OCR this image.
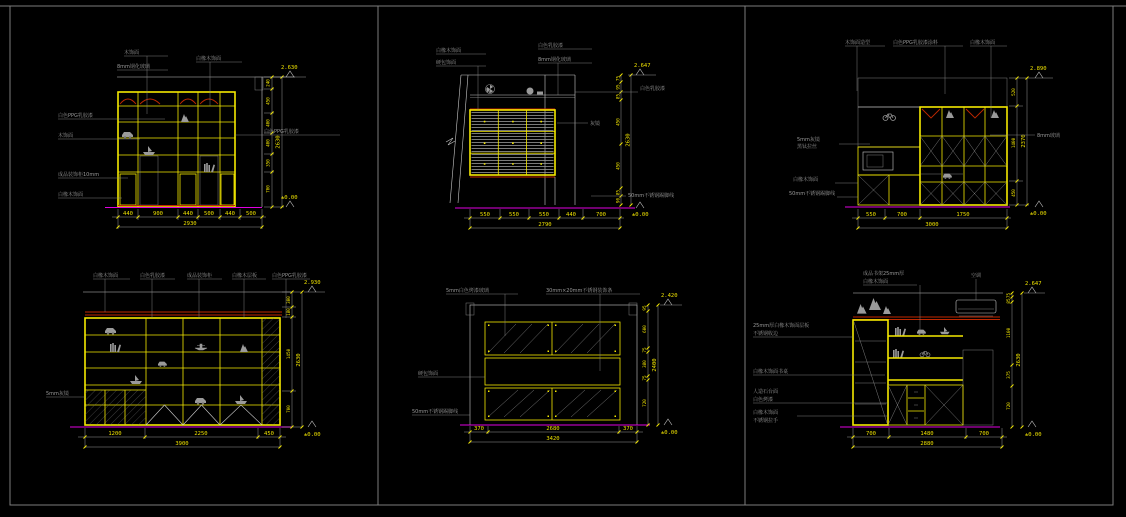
440	900	440 500 440 500
2930
240
450
400
400
350
700
2630
2.630
±0.00
白色PPG乳胶漆
木饰面
成品装饰柜10mm
白橡木饰面
木饰面
8mm钢化玻璃
白橡木饰面
白色PPG乳胶漆
550	550	550	440	700
2790
75
95
85
450
450
85
90
2630
2.647
±0.00
白橡木饰面
硬包饰面
白色乳胶漆
8mm钢化玻璃
白色乳胶漆
灰镜
50mm不锈钢踢脚线
550	700	1750
3000
520
1400
450
2370
2.890
±0.00
木饰面造型	白色PPG乳胶漆涂料	白橡木饰面
5mm灰镜
黑钛拉丝
白橡木饰面
50mm不锈钢踢脚线
8mm玻璃
1200	2250	450
3900
300
180
1450
700
2630
2.930
±0.00
白橡木饰面	白色乳胶漆	成品装饰柜	白橡木层板	白色PPG乳胶漆
5mm灰镜
370	2680	370
3420
95
600
75
380
75
720
2400
2.420
±0.00
5mm白色烤漆玻璃	30mm×20mm不锈钢装饰条
硬包饰面
50mm不锈钢踢脚线
700	1480	700
2880
75
85
1100
375
720
2630
2.647
±0.00
成品书架25mm厚
白橡木饰面
空调
25mm厚白橡木饰面层板
不锈钢收边
白橡木饰面书桌
人造石台面
白色烤漆
白橡木饰面
不锈钢拉手
